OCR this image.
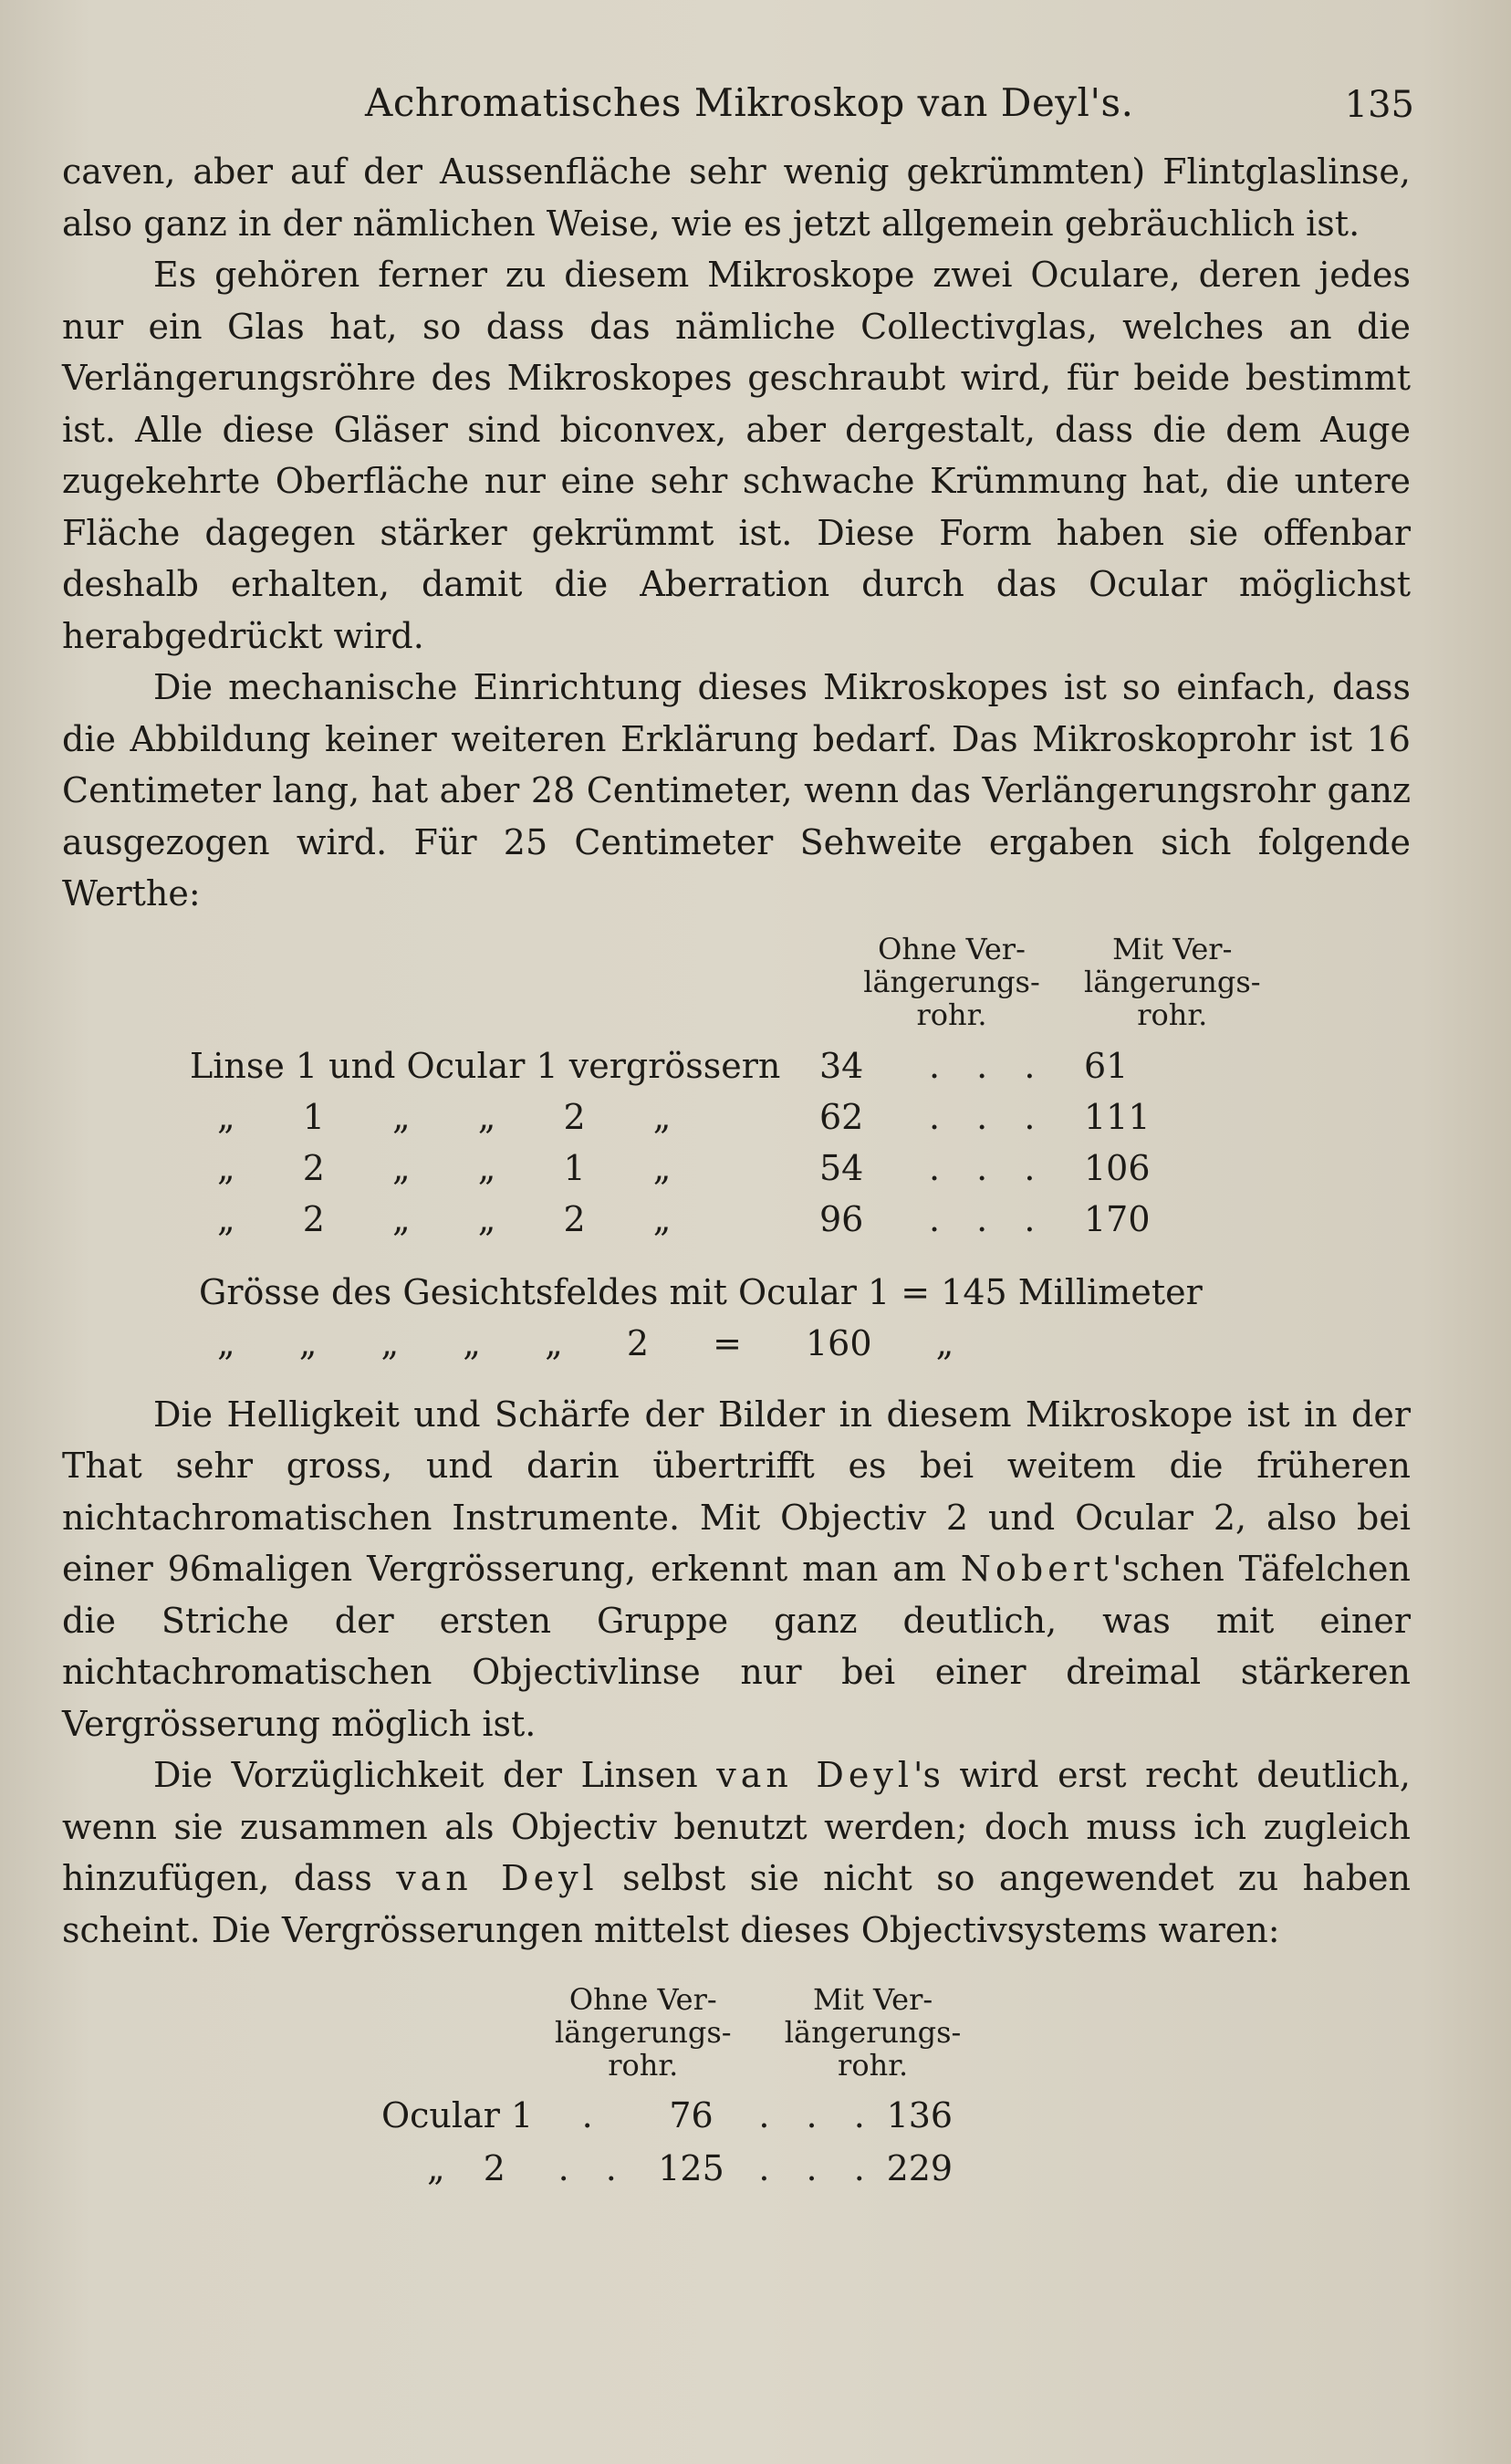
Achromatisches Mikroskop van Deyl's.	135

caven, aber auf der Aussenfläche sehr wenig gekrümmten) Flintglaslinse, also ganz in der nämlichen Weise, wie es jetzt allgemein gebräuchlich ist.

Es gehören ferner zu diesem Mikroskope zwei Oculare, deren jedes nur ein Glas hat, so dass das nämliche Collectivglas, welches an die Verlängerungsröhre des Mikroskopes geschraubt wird, für beide bestimmt ist. Alle diese Gläser sind biconvex, aber dergestalt, dass die dem Auge zugekehrte Oberfläche nur eine sehr schwache Krümmung hat, die untere Fläche dagegen stärker gekrümmt ist. Diese Form haben sie offenbar deshalb erhalten, damit die Aberration durch das Ocular möglichst herabgedrückt wird.

Die mechanische Einrichtung dieses Mikroskopes ist so einfach, dass die Abbildung keiner weiteren Erklärung bedarf. Das Mikroskoprohr ist 16 Centimeter lang, hat aber 28 Centimeter, wenn das Verlängerungsrohr ganz ausgezogen wird. Für 25 Centimeter Sehweite ergaben sich folgende Werthe:

	Ohne Ver-
längerungs-
rohr.		Mit Ver-
längerungs-
rohr.
Linse 1 und Ocular 1 vergrössern	34	. . .	61
„ 1 „ „ 2 „	62	. . .	111
„ 2 „ „ 1 „	54	. . .	106
„ 2 „ „ 2 „	96	. . .	170
Grösse des Gesichtsfeldes mit Ocular 1 = 145 Millimeter
„ „ „ „ „ 2 = 160 „

Die Helligkeit und Schärfe der Bilder in diesem Mikroskope ist in der That sehr gross, und darin übertrifft es bei weitem die früheren nichtachromatischen Instrumente. Mit Objectiv 2 und Ocular 2, also bei einer 96maligen Vergrösserung, erkennt man am Nobert'schen Täfelchen die Striche der ersten Gruppe ganz deutlich, was mit einer nichtachromatischen Objectivlinse nur bei einer dreimal stärkeren Vergrösserung möglich ist.

Die Vorzüglichkeit der Linsen van Deyl's wird erst recht deutlich, wenn sie zusammen als Objectiv benutzt werden; doch muss ich zugleich hinzufügen, dass van Deyl selbst sie nicht so angewendet zu haben scheint. Die Vergrösserungen mittelst dieses Objectivsystems waren:

	Ohne Ver-
längerungs-
rohr.		Mit Ver-
längerungs-
rohr.	
Ocular 1	.	76	. . .	136
„ 2	. .	125	. . .	229
